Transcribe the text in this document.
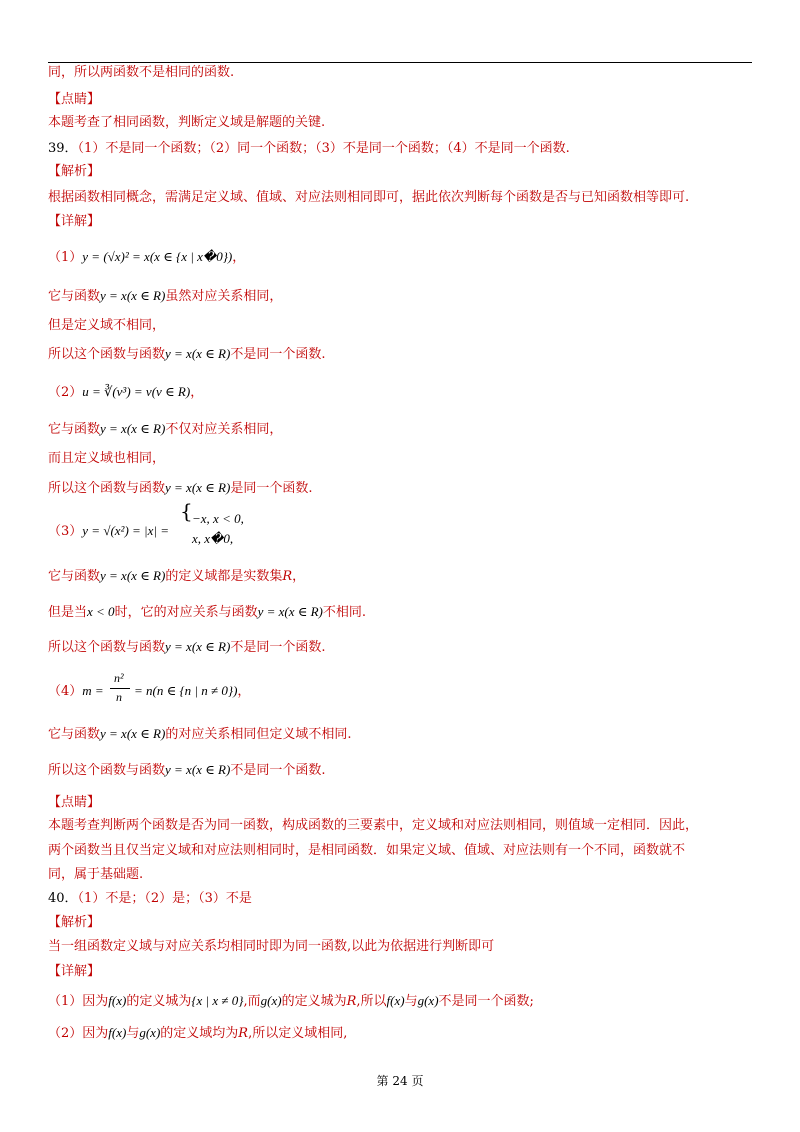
同，所以两函数不是相同的函数.
【点睛】
本题考查了相同函数，判断定义域是解题的关键.
39．（1）不是同一个函数；（2）同一个函数；（3）不是同一个函数；（4）不是同一个函数.
【解析】
根据函数相同概念，需满足定义域、值域、对应法则相同即可，据此依次判断每个函数是否与已知函数相等即可.
【详解】
（1）y = (√x)² = x(x ∈ {x | x�0})，
它与函数y = x(x ∈ R)虽然对应关系相同，
但是定义域不相同，
所以这个函数与函数y = x(x ∈ R)不是同一个函数.
（2）u = ∛(v³) = v(v ∈ R)，
它与函数y = x(x ∈ R)不仅对应关系相同，
而且定义域也相同，
所以这个函数与函数y = x(x ∈ R)是同一个函数.
（3）y = √(x²) = |x| =
{ −x, x < 0,
x, x�0,
它与函数y = x(x ∈ R)的定义域都是实数集R，
但是当x < 0时，它的对应关系与函数y = x(x ∈ R)不相同.
所以这个函数与函数y = x(x ∈ R)不是同一个函数.
（4）m =
n²
n = n(n ∈ {n | n ≠ 0})，
它与函数y = x(x ∈ R)的对应关系相同但定义域不相同.
所以这个函数与函数y = x(x ∈ R)不是同一个函数.
【点睛】
本题考查判断两个函数是否为同一函数，构成函数的三要素中，定义域和对应法则相同，则值域一定相同．因此，
两个函数当且仅当定义域和对应法则相同时，是相同函数．如果定义域、值域、对应法则有一个不同，函数就不
同，属于基础题.
40．（1）不是；（2）是；（3）不是
【解析】
当一组函数定义域与对应关系均相同时即为同一函数,以此为依据进行判断即可
【详解】
（1）因为f(x)的定义城为{x | x ≠ 0},而g(x)的定义城为R,所以f(x)与g(x)不是同一个函数;
（2）因为f(x)与g(x)的定义域均为R,所以定义域相同,
第 24 页
